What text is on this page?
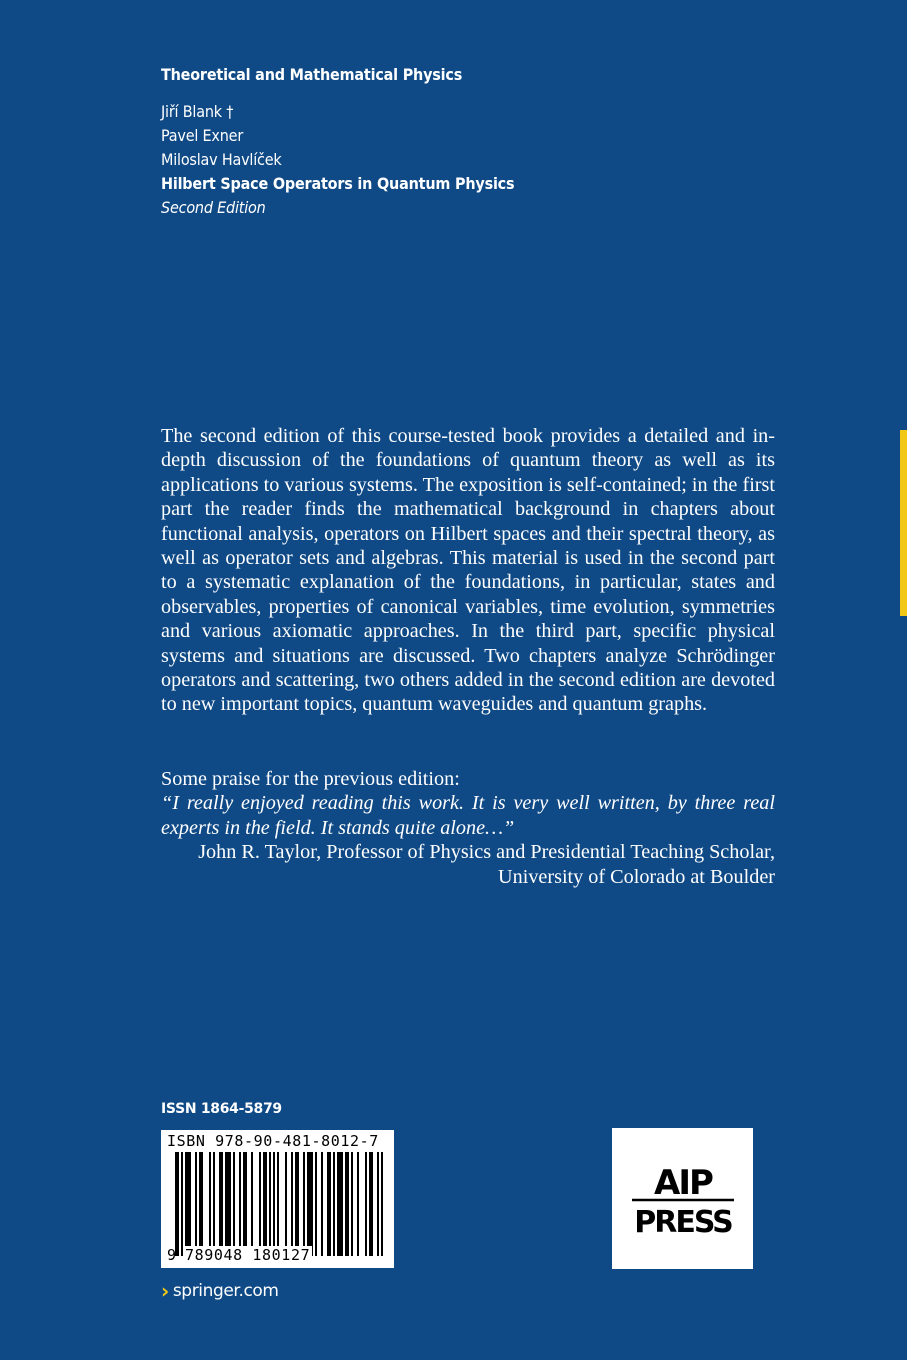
Theoretical and Mathematical Physics
Jiří Blank †
Pavel Exner
Miloslav Havlíček
Hilbert Space Operators in Quantum Physics
Second Edition

The second edition of this course-tested book provides a detailed and in-depth discussion of the foundations of quantum theory as well as its applications to various systems. The exposition is self-contained; in the first part the reader finds the mathematical background in chapters about functional analysis, operators on Hilbert spaces and their spectral theory, as well as operator sets and algebras. This material is used in the second part to a systematic explanation of the foundations, in particular, states and observables, properties of canonical variables, time evolution, symmetries and various axiomatic approaches. In the third part, specific physical systems and situations are discussed. Two chapters analyze Schrödinger operators and scattering, two others added in the second edition are devoted to new important topics, quantum waveguides and quantum graphs.

Some praise for the previous edition:

“I really enjoyed reading this work. It is very well written, by three real experts in the field. It stands quite alone…”

John R. Taylor, Professor of Physics and Presidential Teaching Scholar,
University of Colorado at Boulder

ISSN 1864-5879
ISBN 978-90-481-8012-7
9 789048 180127
AIP
PRESS
› springer.com
